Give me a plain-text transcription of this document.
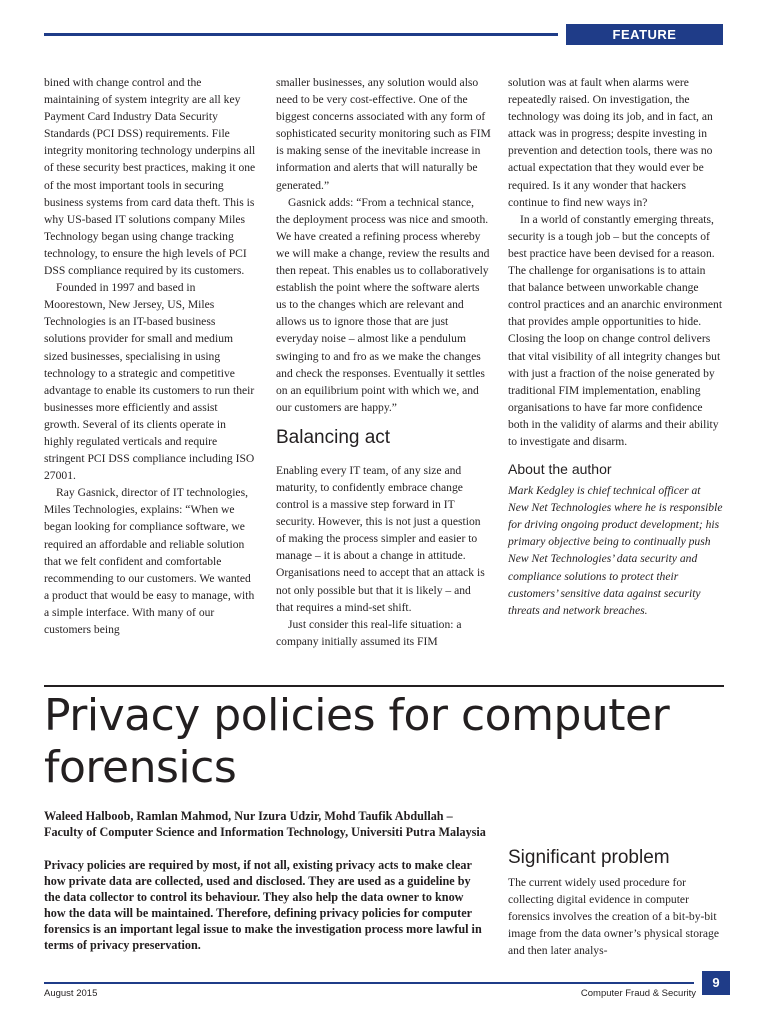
FEATURE

bined with change control and the maintaining of system integrity are all key Payment Card Industry Data Security Standards (PCI DSS) requirements. File integrity monitoring technology underpins all of these security best practices, making it one of the most important tools in securing business systems from card data theft. This is why US-based IT solutions company Miles Technology began using change tracking technology, to ensure the high levels of PCI DSS compliance required by its customers.

Founded in 1997 and based in Moorestown, New Jersey, US, Miles Technologies is an IT-based business solutions provider for small and medium sized businesses, specialising in using technology to a strategic and competitive advantage to enable its customers to run their businesses more efficiently and assist growth. Several of its clients operate in highly regulated verticals and require stringent PCI DSS compliance including ISO 27001.

Ray Gasnick, director of IT technologies, Miles Technologies, explains: “When we began looking for compliance software, we required an affordable and reliable solution that we felt confident and comfortable recommending to our customers. We wanted a product that would be easy to manage, with a simple interface. With many of our customers being

smaller businesses, any solution would also need to be very cost-effective. One of the biggest concerns associated with any form of sophisticated security monitoring such as FIM is making sense of the inevitable increase in information and alerts that will naturally be generated.”

Gasnick adds: “From a technical stance, the deployment process was nice and smooth. We have created a refining process whereby we will make a change, review the results and then repeat. This enables us to collaboratively establish the point where the software alerts us to the changes which are relevant and allows us to ignore those that are just everyday noise – almost like a pendulum swinging to and fro as we make the changes and check the responses. Eventually it settles on an equilibrium point with which we, and our customers are happy.”

Balancing act

Enabling every IT team, of any size and maturity, to confidently embrace change control is a massive step forward in IT security. However, this is not just a question of making the process simpler and easier to manage – it is about a change in attitude. Organisations need to accept that an attack is not only possible but that it is likely – and that requires a mind-set shift.

Just consider this real-life situation: a company initially assumed its FIM

solution was at fault when alarms were repeatedly raised. On investigation, the technology was doing its job, and in fact, an attack was in progress; despite investing in prevention and detection tools, there was no actual expectation that they would ever be required. Is it any wonder that hackers continue to find new ways in?

In a world of constantly emerging threats, security is a tough job – but the concepts of best practice have been devised for a reason. The challenge for organisations is to attain that balance between unworkable change control practices and an anarchic environment that provides ample opportunities to hide. Closing the loop on change control delivers that vital visibility of all integrity changes but with just a fraction of the noise generated by traditional FIM implementation, enabling organisations to have far more confidence both in the validity of alarms and their ability to investigate and disarm.

About the author

Mark Kedgley is chief technical officer at New Net Technologies where he is responsible for driving ongoing product development; his primary objective being to continually push New Net Technologies’ data security and compliance solutions to protect their customers’ sensitive data against security threats and network breaches.

Privacy policies for computer forensics
Waleed Halboob, Ramlan Mahmod, Nur Izura Udzir, Mohd Taufik Abdullah –
Faculty of Computer Science and Information Technology, Universiti Putra Malaysia

Privacy policies are required by most, if not all, existing privacy acts to make clear how private data are collected, used and disclosed. They are used as a guideline by the data collector to control its behaviour. They also help the data owner to know how the data will be maintained. Therefore, defining privacy policies for computer forensics is an important legal issue to make the investigation process more lawful in terms of privacy preservation.

Significant problem

The current widely used procedure for collecting digital evidence in computer forensics involves the creation of a bit-by-bit image from the data owner’s physical storage and then later analys-

August 2015	Computer Fraud & Security
9
